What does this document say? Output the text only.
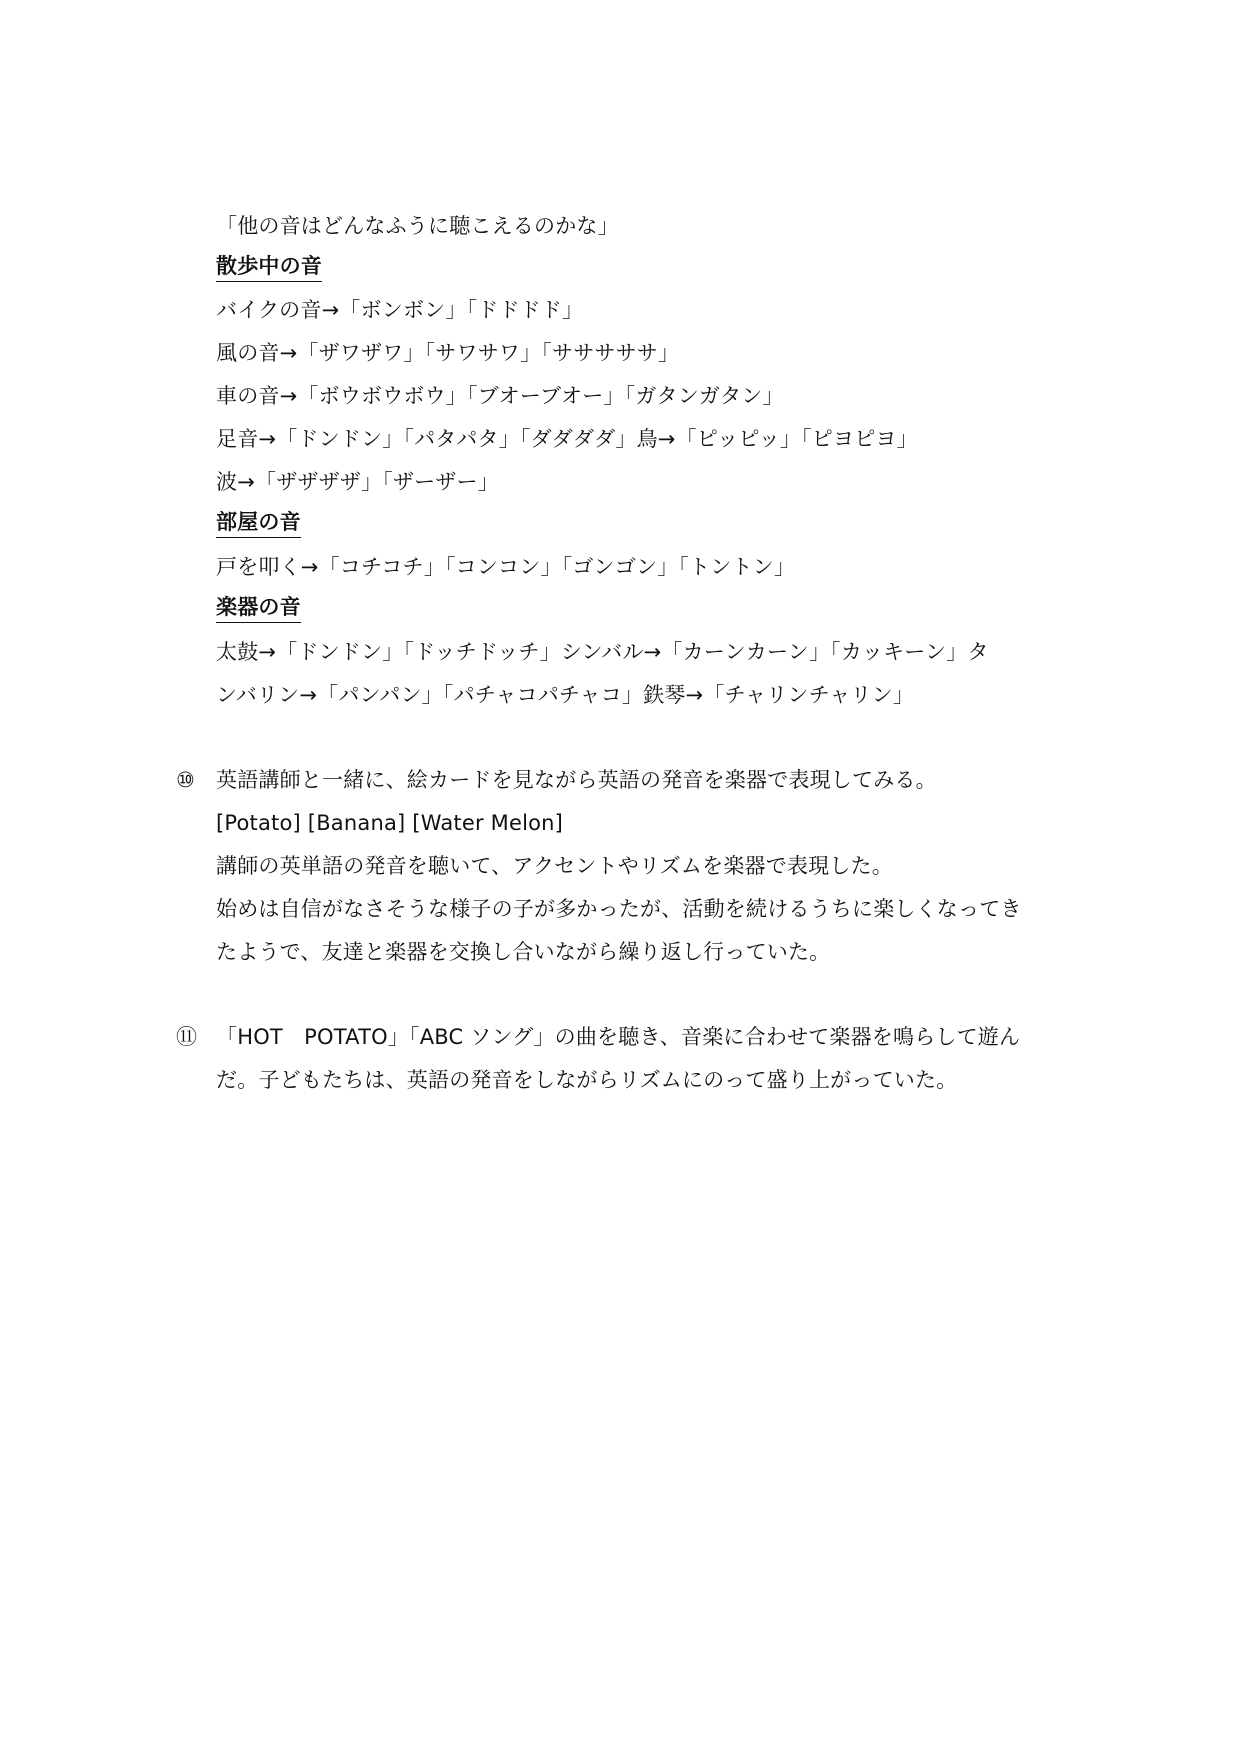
「他の音はどんなふうに聴こえるのかな」
散歩中の音
バイクの音→「ボンボン」「ドドドド」
風の音→「ザワザワ」「サワサワ」「サササササ」
車の音→「ボウボウボウ」「ブオーブオー」「ガタンガタン」
足音→「ドンドン」「パタパタ」「ダダダダ」鳥→「ピッピッ」「ピヨピヨ」
波→「ザザザザ」「ザーザー」
部屋の音
戸を叩く→「コチコチ」「コンコン」「ゴンゴン」「トントン」
楽器の音
太鼓→「ドンドン」「ドッチドッチ」シンバル→「カーンカーン」「カッキーン」タ
ンバリン→「パンパン」「パチャコパチャコ」鉄琴→「チャリンチャリン」
⑩ 英語講師と一緒に、絵カードを見ながら英語の発音を楽器で表現してみる。
[Potato] [Banana] [Water Melon]
講師の英単語の発音を聴いて、アクセントやリズムを楽器で表現した。
始めは自信がなさそうな様子の子が多かったが、活動を続けるうちに楽しくなってき
たようで、友達と楽器を交換し合いながら繰り返し行っていた。
⑪ 「HOT　POTATO」「ABC ソング」の曲を聴き、音楽に合わせて楽器を鳴らして遊ん
だ。子どもたちは、英語の発音をしながらリズムにのって盛り上がっていた。
